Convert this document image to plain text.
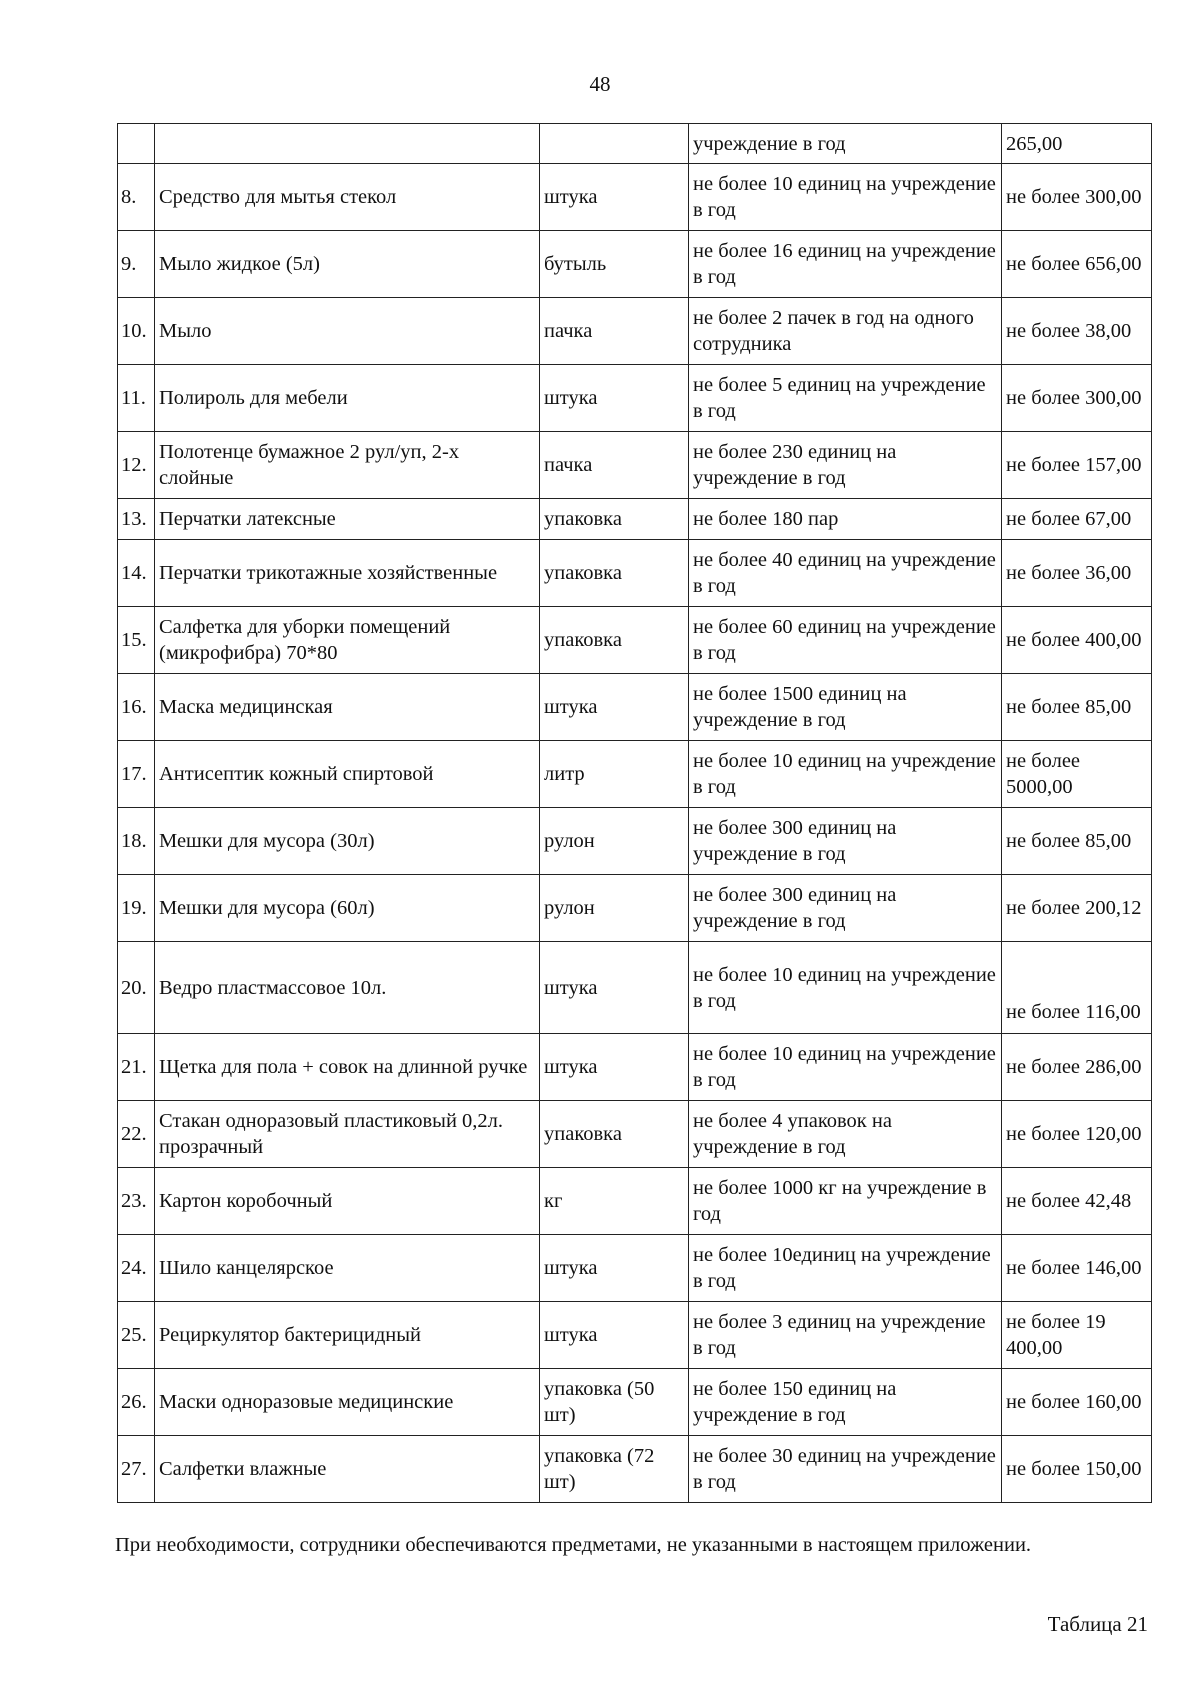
48
			учреждение в год	265,00
8.	Средство для мытья стекол	штука	не более 10 единиц на учреждение в год	не более 300,00
9.	Мыло жидкое (5л)	бутыль	не более 16 единиц на учреждение в год	не более 656,00
10.	Мыло	пачка	не более 2 пачек в год на одного сотрудника	не более 38,00
11.	Полироль для мебели	штука	не более 5 единиц на учреждение в год	не более 300,00
12.	Полотенце бумажное 2 рул/уп, 2-х слойные	пачка	не более 230 единиц на учреждение в год	не более 157,00
13.	Перчатки латексные	упаковка	не более 180 пар	не более 67,00
14.	Перчатки трикотажные хозяйственные	упаковка	не более 40 единиц на учреждение в год	не более 36,00
15.	Салфетка для уборки помещений (микрофибра) 70*80	упаковка	не более 60 единиц на учреждение в год	не более 400,00
16.	Маска медицинская	штука	не более 1500 единиц на учреждение в год	не более 85,00
17.	Антисептик кожный спиртовой	литр	не более 10 единиц на учреждение в год	не более 5000,00
18.	Мешки для мусора (30л)	рулон	не более 300 единиц на учреждение в год	не более 85,00
19.	Мешки для мусора (60л)	рулон	не более 300 единиц на учреждение в год	не более 200,12
20.	Ведро пластмассовое 10л.	штука	не более 10 единиц на учреждение в год	не более 116,00
21.	Щетка для пола + совок на длинной ручке	штука	не более 10 единиц на учреждение в год	не более 286,00
22.	Стакан одноразовый пластиковый 0,2л. прозрачный	упаковка	не более 4 упаковок на учреждение в год	не более 120,00
23.	Картон коробочный	кг	не более 1000 кг на учреждение в год	не более 42,48
24.	Шило канцелярское	штука	не более 10единиц на учреждение в год	не более 146,00
25.	Рециркулятор бактерицидный	штука	не более 3 единиц на учреждение в год	не более 19 400,00
26.	Маски одноразовые медицинские	упаковка (50 шт)	не более 150 единиц на учреждение в год	не более 160,00
27.	Салфетки влажные	упаковка (72 шт)	не более 30 единиц на учреждение в год	не более 150,00
При необходимости, сотрудники обеспечиваются предметами, не указанными в настоящем приложении.
Таблица 21
